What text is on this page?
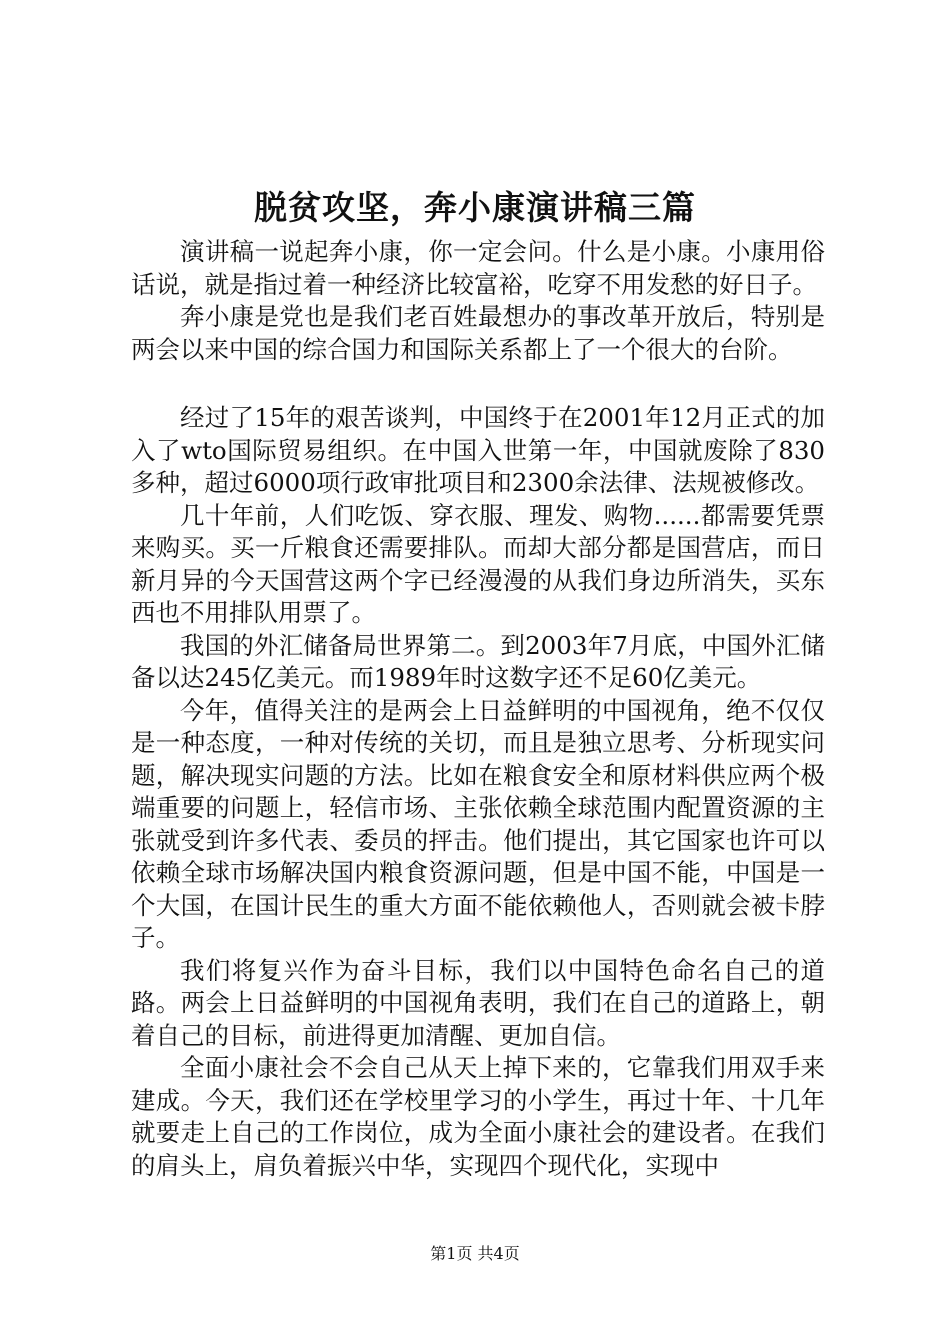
脱贫攻坚，奔小康演讲稿三篇

演讲稿一说起奔小康，你一定会问。什么是小康。小康用俗话说，就是指过着一种经济比较富裕，吃穿不用发愁的好日子。

奔小康是党也是我们老百姓最想办的事改革开放后，特别是两会以来中国的综合国力和国际关系都上了一个很大的台阶。

经过了15年的艰苦谈判，中国终于在2001年12月正式的加入了wto国际贸易组织。在中国入世第一年，中国就废除了830多种，超过6000项行政审批项目和2300余法律、法规被修改。

几十年前，人们吃饭、穿衣服、理发、购物......都需要凭票来购买。买一斤粮食还需要排队。而却大部分都是国营店，而日新月异的今天国营这两个字已经漫漫的从我们身边所消失，买东西也不用排队用票了。

我国的外汇储备局世界第二。到2003年7月底，中国外汇储备以达245亿美元。而1989年时这数字还不足60亿美元。

今年，值得关注的是两会上日益鲜明的中国视角，绝不仅仅是一种态度，一种对传统的关切，而且是独立思考、分析现实问题，解决现实问题的方法。比如在粮食安全和原材料供应两个极端重要的问题上，轻信市场、主张依赖全球范围内配置资源的主张就受到许多代表、委员的抨击。他们提出，其它国家也许可以依赖全球市场解决国内粮食资源问题，但是中国不能，中国是一个大国，在国计民生的重大方面不能依赖他人，否则就会被卡脖子。

我们将复兴作为奋斗目标，我们以中国特色命名自己的道路。两会上日益鲜明的中国视角表明，我们在自己的道路上，朝着自己的目标，前进得更加清醒、更加自信。

全面小康社会不会自己从天上掉下来的，它靠我们用双手来建成。今天，我们还在学校里学习的小学生，再过十年、十几年就要走上自己的工作岗位，成为全面小康社会的建设者。在我们的肩头上，肩负着振兴中华，实现四个现代化，实现中

第1页 共4页
